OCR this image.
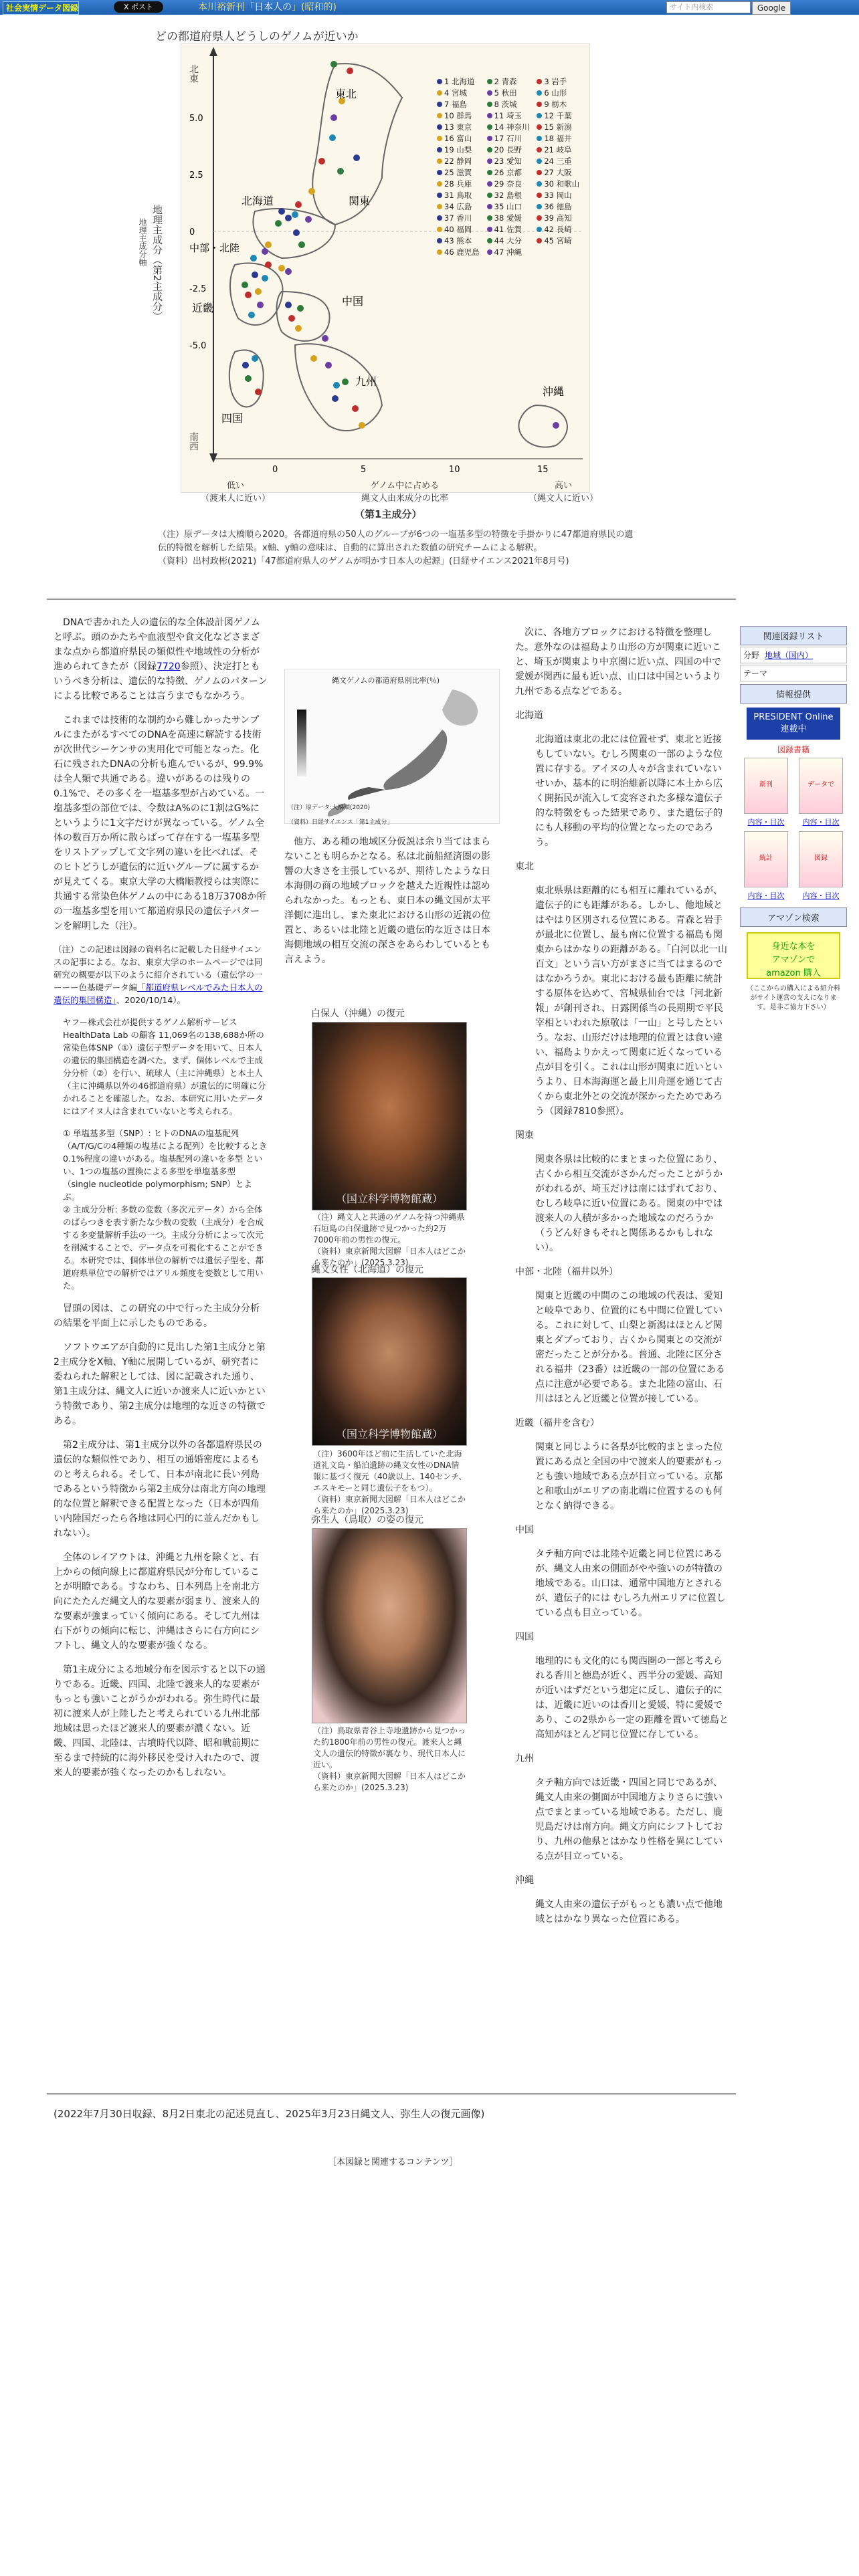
社会実情データ図録	X ポスト	本川裕新刊「日本人の」(昭和的)	サイト内検索	Google
どの都道府県人どうしのゲノムが近いか
東北
関東
北海道
中部・北陸
近畿
中国
九州
四国
沖縄
5.0
2.5
0
-2.5
-5.0
0	5	10	15
1 北海道	2 青森	3 岩手
4 宮城	5 秋田	6 山形
7 福島	8 茨城	9 栃木
10 群馬	11 埼玉	12 千葉
13 東京	14 神奈川	15 新潟
16 富山	17 石川	18 福井
19 山梨	20 長野	21 岐阜
22 静岡	23 愛知	24 三重
25 滋賀	26 京都	27 大阪
28 兵庫	29 奈良	30 和歌山
31 鳥取	32 島根	33 岡山
34 広島	35 山口	36 徳島
37 香川	38 愛媛	39 高知
40 福岡	41 佐賀	42 長崎
43 熊本	44 大分	45 宮崎
46 鹿児島	47 沖縄
北東
南西
地理主成分（第2主成分）
地理主成分軸
低い
（渡来人に近い）
ゲノム中に占める
縄文人由来成分の比率
高い
（縄文人に近い）
（第1主成分）
（注）原データは大橋順ら2020。各都道府県の50人のグループが6つの一塩基多型の特徴を手掛かりに47都道府県民の遺伝的特徴を解析した結果。x軸、y軸の意味は、自動的に算出された数値の研究チームによる解釈。
（資料）出村政彬(2021)「47都道府県人のゲノムが明かす日本人の起源」(日経サイエンス2021年8月号)

DNAで書かれた人の遺伝的な全体設計図ゲノムと呼ぶ。頭のかたちや血液型や食文化などさまざまな点から都道府県民の類似性や地域性の分析が進められてきたが（図録7720参照）、決定打ともいうべき分析は、遺伝的な特徴、ゲノムのパターンによる比較であることは言うまでもなかろう。

これまでは技術的な制約から難しかったサンプルにまたがるすべてのDNAを高速に解読する技術が次世代シーケンサの実用化で可能となった。化石に残されたDNAの分析も進んでいるが、99.9%は全人類で共通である。違いがあるのは残りの0.1%で、その多くを一塩基多型が占めている。一塩基多型の部位では、令数はA%のに1割はG%にというように1文字だけが異なっている。ゲノム全体の数百万か所に散らばって存在する一塩基多型をリストアップして文字列の違いを比べれば、そのヒトどうしが遺伝的に近いグループに属するかが見えてくる。東京大学の大橋順教授らは実際に共通する常染色体ゲノムの中にある18万3708か所の一塩基多型を用いて都道府県民の遺伝子パターンを解明した（注）。

（注）この記述は図録の資料名に記載した日経サイエンスの記事による。なお、東京大学のホームページでは同研究の概要が以下のように紹介されている（遺伝学の一ーーー色基礎データ編「都道府県レベルでみた日本人の遺伝的集団構造」、2020/10/14）。

ヤフー株式会社が提供するゲノム解析サービス HealthData Lab の顧客 11,069名の138,688か所の常染色体SNP（①）遺伝子型データを用いて、日本人の遺伝的集団構造を調べた。まず、個体レベルで主成分分析（②）を行い、琉球人（主に沖縄県）と本土人（主に沖縄県以外の46都道府県）が遺伝的に明確に分かれることを確認した。なお、本研究に用いたデータにはアイヌ人は含まれていないと考えられる。

① 単塩基多型（SNP）: ヒトのDNAの塩基配列（A/T/G/Cの4種類の塩基による配列）を比較するとき0.1%程度の違いがある。塩基配列の違いを多型 といい、1つの塩基の置換による多型を単塩基多型（single nucleotide polymorphism; SNP）とよぶ。
② 主成分分析: 多数の変数（多次元データ）から全体のばらつきを表す新たな少数の変数（主成分）を合成する多変量解析手法の一つ。主成分分析によって次元を削減することで、データ点を可視化することができる。本研究では、個体単位の解析では遺伝子型を、都道府県単位での解析ではアリル頻度を変数として用いた。

冒頭の図は、この研究の中で行った主成分分析の結果を平面上に示したものである。

ソフトウエアが自動的に見出した第1主成分と第2主成分をX軸、Y軸に展開しているが、研究者に委ねられた解釈としては、図に記載された通り、第1主成分は、縄文人に近いか渡来人に近いかという特徴であり、第2主成分は地理的な近さの特徴である。

第2主成分は、第1主成分以外の各都道府県民の遺伝的な類似性であり、相互の通婚密度によるものと考えられる。そして、日本が南北に長い列島であるという特徴から第2主成分は南北方向の地理的な位置と解釈できる配置となった（日本が四角い内陸国だったら各地は同心円的に並んだかもしれない）。

全体のレイアウトは、沖縄と九州を除くと、右上からの傾向線上に都道府県民が分布していることが明瞭である。すなわち、日本列島上を南北方向にたたんだ縄文人的な要素が弱まり、渡来人的な要素が強まっていく傾向にある。そして九州は右下がりの傾向に転じ、沖縄はさらに右方向にシフトし、縄文人的な要素が強くなる。

第1主成分による地域分布を図示すると以下の通りである。近畿、四国、北陸で渡来人的な要素がもっとも強いことがうかがわれる。弥生時代に最初に渡来人が上陸したと考えられている九州北部地域は思ったほど渡来人的要素が濃くない。近畿、四国、北陸は、古墳時代以降、昭和戦前期に至るまで持続的に海外移民を受け入れたので、渡来人的要素が強くなったのかもしれない。

縄文ゲノムの都道府県別比率(％)
（注）原データ:大橋順(2020)
（資料）日経サイエンス「第1主成分」

他方、ある種の地域区分仮説は余り当てはまらないことも明らかとなる。私は北前船経済圏の影響の大きさを主張しているが、期待したような日本海側の商の地域ブロックを越えた近親性は認められなかった。もっとも、東日本の縄文国が太平洋側に進出し、また東北における山形の近親の位置と、あるいは北陸と近畿の遺伝的な近さは日本海側地域の相互交流の深さをあらわしているとも言えよう。

白保人（沖縄）の復元
（国立科学博物館蔵）
（注）縄文人と共通のゲノムを持つ沖縄県石垣島の白保遺跡で見つかった約2万7000年前の男性の復元。
（資料）東京新聞大図解「日本人はどこから来たのか」(2025.3.23)
縄文女性（北海道）の復元
（国立科学博物館蔵）
（注）3600年ほど前に生活していた北海道礼文島・船泊遺跡の縄文女性のDNA情報に基づく復元（40歳以上、140センチ、エスキモーと同じ遺伝子をもつ）。
（資料）東京新聞大図解「日本人はどこから来たのか」(2025.3.23)
弥生人（鳥取）の姿の復元
（注）鳥取県青谷上寺地遺跡から見つかった約1800年前の男性の復元。渡来人と縄文人の遺伝的特徴が裏なり、現代日本人に近い。
（資料）東京新聞大図解「日本人はどこから来たのか」(2025.3.23)

次に、各地方ブロックにおける特徴を整理した。意外なのは福島より山形の方が関東に近いこと、埼玉が関東より中京圏に近い点、四国の中で愛媛が関西に最も近い点、山口は中国というより九州である点などである。

北海道

北海道は東北の北には位置せず、東北と近接もしていない。むしろ関東の一部のような位置に存する。アイヌの人々が含まれていないせいか、基本的に明治維新以降に本土から広く開拓民が流入して変容された多様な遺伝子的な特徴をもった結果であり、また遺伝子的にも人移動の平均的位置となったのであろう。

東北

東北県県は距離的にも相互に離れているが、遺伝子的にも距離がある。しかし、他地域とはやはり区別される位置にある。青森と岩手が最北に位置し、最も南に位置する福島も関東からはかなりの距離がある。「白河以北一山百文」という言い方がまさに当てはまるのではなかろうか。東北における最も距離に統計する原体を込めて、宮城県仙台では「河北新報」が創刊され、日露関係当の長期期で平民宰相といわれた原敬は「一山」と号したという。なお、山形だけは地理的位置とは食い違い、福島よりかえって関東に近くなっている点が目を引く。これは山形が関東に近いというより、日本海海運と最上川舟運を通じて古くから東北外との交流が深かったためであろう（図録7810参照）。

関東

関東各県は比較的にまとまった位置にあり、古くから相互交流がさかんだったことがうかがわれるが、埼玉だけは南にはずれており、むしろ岐阜に近い位置にある。関東の中では渡来人の人積が多かった地域なのだろうか（うどん好きもそれと関係あるかもしれない）。

中部・北陸（福井以外）

関東と近畿の中間のこの地域の代表は、愛知と岐阜であり、位置的にも中間に位置している。これに対して、山梨と新潟はほとんど関東とダブっており、古くから関東との交流が密だったことが分かる。普通、北陸に区分される福井（23番）は近畿の一部の位置にある点に注意が必要である。また北陸の富山、石川はほとんど近畿と位置が接している。

近畿（福井を含む）

関東と同じように各県が比較的まとまった位置にある点と全国の中で渡来人的要素がもっとも強い地域である点が目立っている。京都と和歌山がエリアの南北端に位置するのも何となく納得できる。

中国

タテ軸方向では北陸や近畿と同じ位置にあるが、縄文人由来の側面がやや強いのが特徴の地域である。山口は、通常中国地方とされるが、遺伝子的には むしろ九州エリアに位置している点も目立っている。

四国

地理的にも文化的にも関西圏の一部と考えられる香川と徳島が近く、西半分の愛媛、高知が近いはずだという想定に反し、遺伝子的には、近畿に近いのは香川と愛媛、特に愛媛であり、この2県から一定の距離を置いて徳島と高知がほとんど同じ位置に存している。

九州

タテ軸方向では近畿・四国と同じであるが、縄文人由来の側面が中国地方よりさらに強い点でまとまっている地域である。ただし、鹿児島だけは南方向。縄文方向にシフトしており、九州の他県とはかなり性格を異にしている点が目立っている。

沖縄

縄文人由来の遺伝子がもっとも濃い点で他地域とはかなり異なった位置にある。

関連図録リスト
分野 地域（国内）
テーマ
情報提供
PRESIDENT Online
連載中
図録書籍
新刊
内容・目次
データで
内容・目次
統計
内容・目次
図録
内容・目次
アマゾン検索
身近な本を
アマゾンで
amazon 購入
（ここからの購入による紹介料がサイト運営の支えになります。是非ご協力下さい）
(2022年7月30日収録、8月2日東北の記述見直し、2025年3月23日縄文人、弥生人の復元画像)
［本図録と関連するコンテンツ］
